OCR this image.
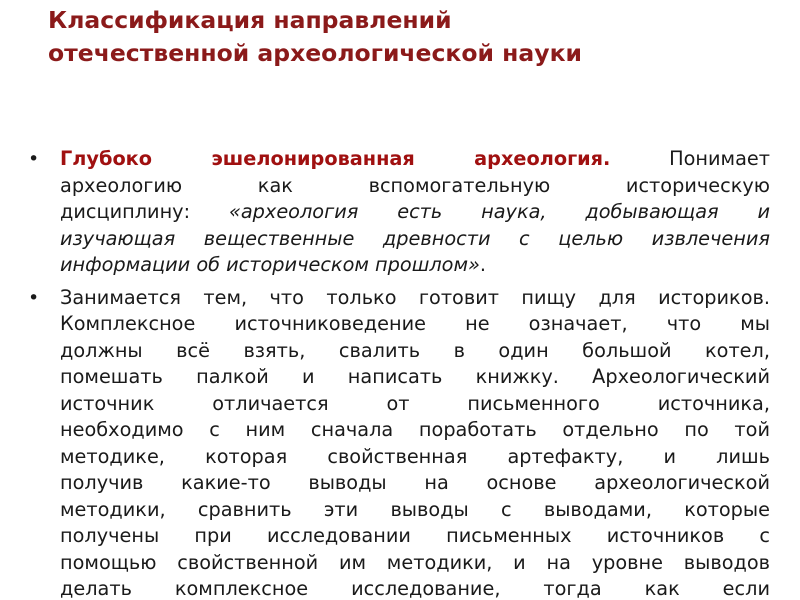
Классификация направлений
отечественной археологической науки
•	Глубоко эшелонированная археология. Понимает
археологию как вспомогательную историческую
дисциплину: «археология есть наука, добывающая и
изучающая вещественные древности с целью извлечения
информации об историческом прошлом».
•	Занимается тем, что только готовит пищу для историков.
Комплексное источниковедение не означает, что мы
должны всё взять, свалить в один большой котел,
помешать палкой и написать книжку. Археологический
источник отличается от письменного источника,
необходимо с ним сначала поработать отдельно по той
методике, которая свойственная артефакту, и лишь
получив какие-то выводы на основе археологической
методики, сравнить эти выводы с выводами, которые
получены при исследовании письменных источников с
помощью свойственной им методики, и на уровне выводов
делать комплексное исследование, тогда как если
